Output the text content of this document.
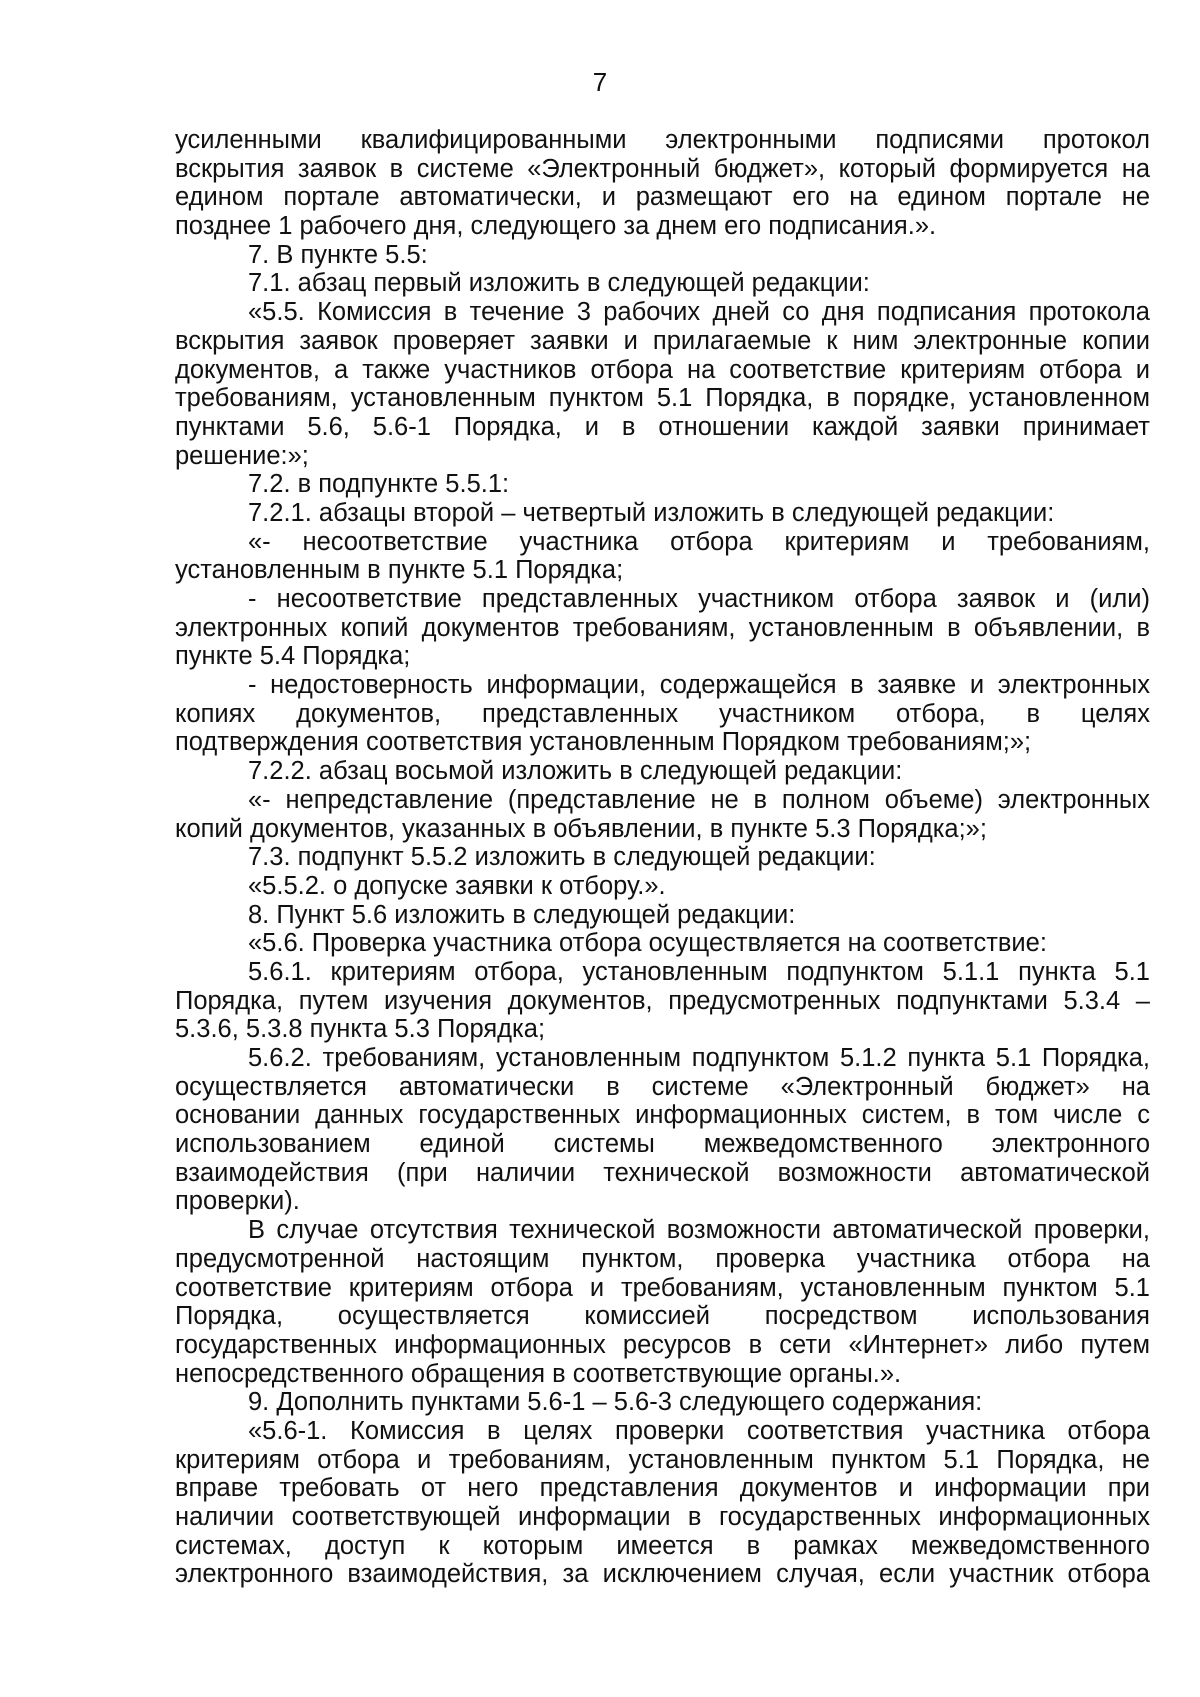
7
усиленными квалифицированными электронными подписями протокол
вскрытия заявок в системе «Электронный бюджет», который формируется на
едином портале автоматически, и размещают его на едином портале не
позднее 1 рабочего дня, следующего за днем его подписания.».
7. В пункте 5.5:
7.1. абзац первый изложить в следующей редакции:
«5.5. Комиссия в течение 3 рабочих дней со дня подписания протокола
вскрытия заявок проверяет заявки и прилагаемые к ним электронные копии
документов, а также участников отбора на соответствие критериям отбора и
требованиям, установленным пунктом 5.1 Порядка, в порядке, установленном
пунктами 5.6, 5.6-1 Порядка, и в отношении каждой заявки принимает
решение:»;
7.2. в подпункте 5.5.1:
7.2.1. абзацы второй – четвертый изложить в следующей редакции:
«- несоответствие участника отбора критериям и требованиям,
установленным в пункте 5.1 Порядка;
- несоответствие представленных участником отбора заявок и (или)
электронных копий документов требованиям, установленным в объявлении, в
пункте 5.4 Порядка;
- недостоверность информации, содержащейся в заявке и электронных
копиях документов, представленных участником отбора, в целях
подтверждения соответствия установленным Порядком требованиям;»;
7.2.2. абзац восьмой изложить в следующей редакции:
«- непредставление (представление не в полном объеме) электронных
копий документов, указанных в объявлении, в пункте 5.3 Порядка;»;
7.3. подпункт 5.5.2 изложить в следующей редакции:
«5.5.2. о допуске заявки к отбору.».
8. Пункт 5.6 изложить в следующей редакции:
«5.6. Проверка участника отбора осуществляется на соответствие:
5.6.1. критериям отбора, установленным подпунктом 5.1.1 пункта 5.1
Порядка, путем изучения документов, предусмотренных подпунктами 5.3.4 –
5.3.6, 5.3.8 пункта 5.3 Порядка;
5.6.2. требованиям, установленным подпунктом 5.1.2 пункта 5.1 Порядка,
осуществляется автоматически в системе «Электронный бюджет» на
основании данных государственных информационных систем, в том числе с
использованием единой системы межведомственного электронного
взаимодействия (при наличии технической возможности автоматической
проверки).
В случае отсутствия технической возможности автоматической проверки,
предусмотренной настоящим пунктом, проверка участника отбора на
соответствие критериям отбора и требованиям, установленным пунктом 5.1
Порядка, осуществляется комиссией посредством использования
государственных информационных ресурсов в сети «Интернет» либо путем
непосредственного обращения в соответствующие органы.».
9. Дополнить пунктами 5.6-1 – 5.6-3 следующего содержания:
«5.6-1. Комиссия в целях проверки соответствия участника отбора
критериям отбора и требованиям, установленным пунктом 5.1 Порядка, не
вправе требовать от него представления документов и информации при
наличии соответствующей информации в государственных информационных
системах, доступ к которым имеется в рамках межведомственного
электронного взаимодействия, за исключением случая, если участник отбора
